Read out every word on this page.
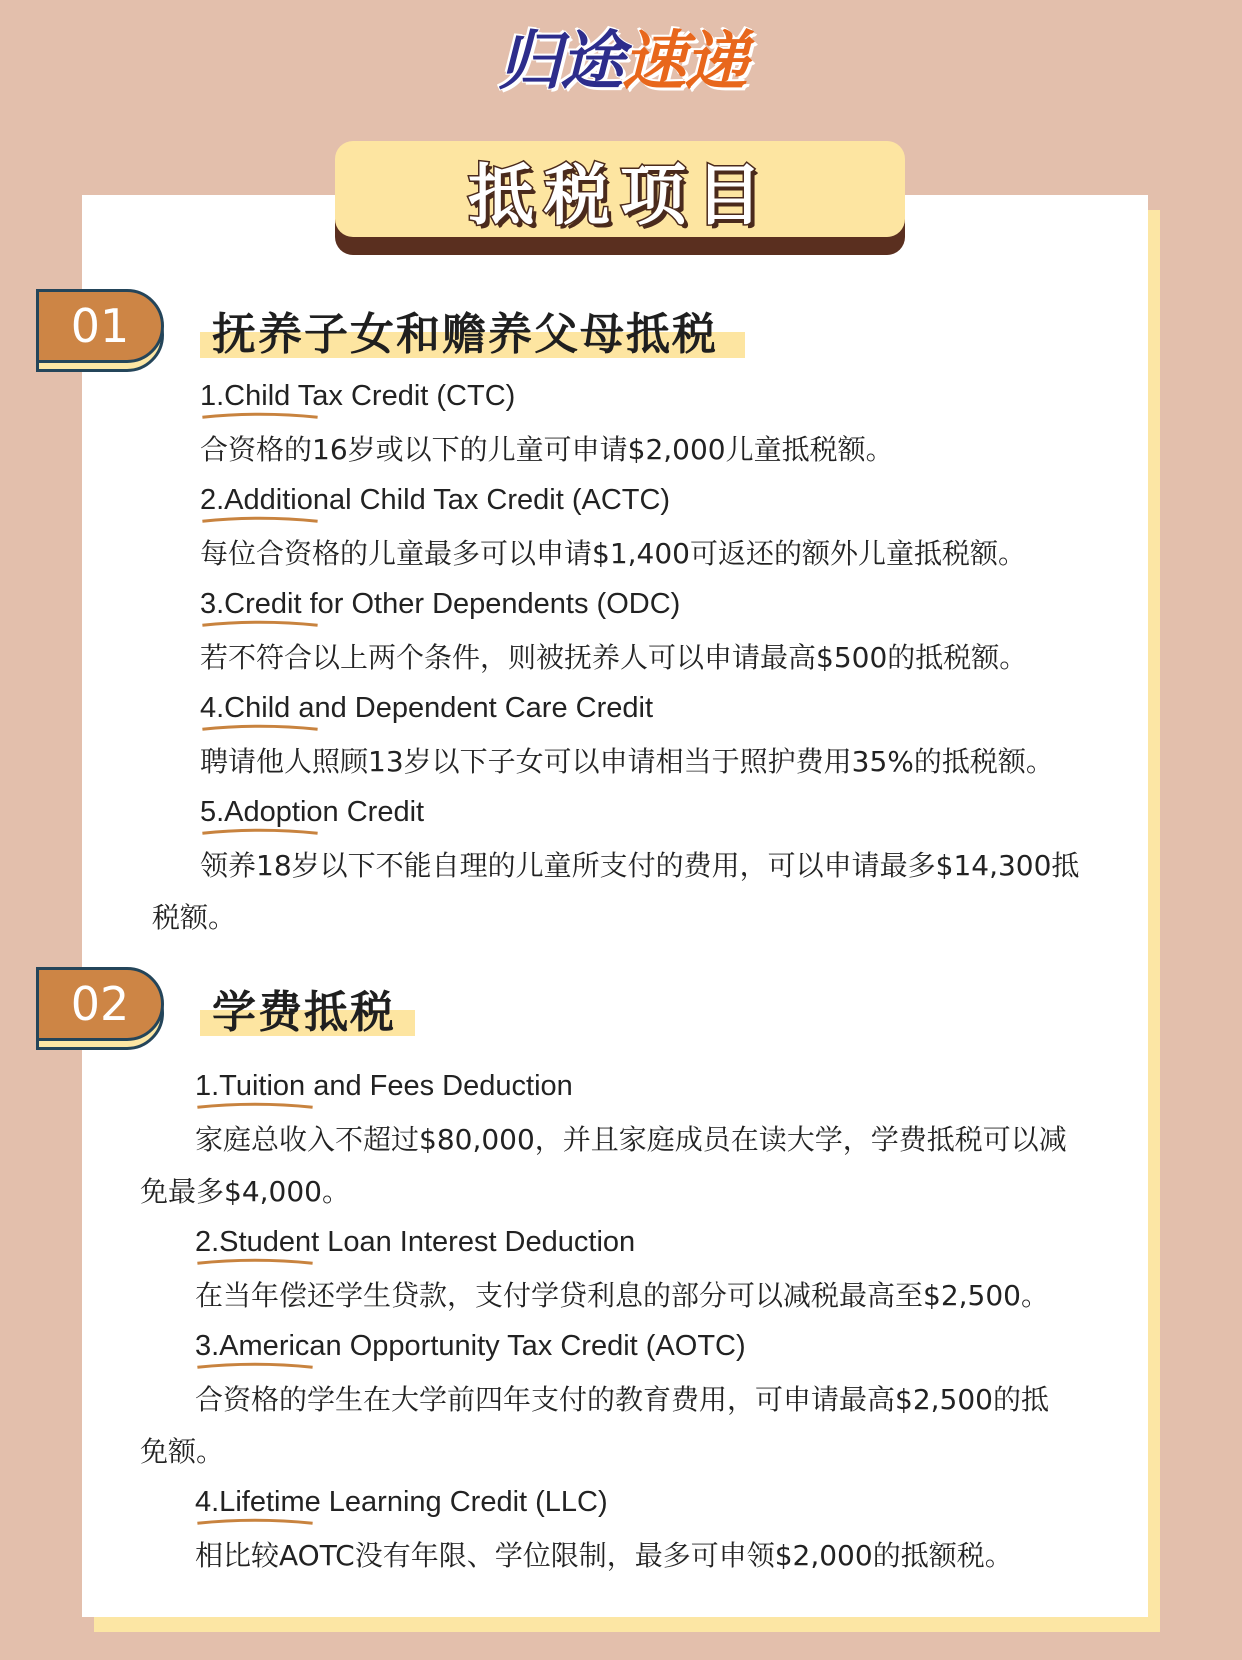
归途速递
抵税项目
01 抚养子女和赡养父母抵税
1.Child Tax Credit (CTC)
合资格的16岁或以下的儿童可申请$2,000儿童抵税额。
2.Additional Child Tax Credit (ACTC)
每位合资格的儿童最多可以申请$1,400可返还的额外儿童抵税额。
3.Credit for Other Dependents (ODC)
若不符合以上两个条件，则被抚养人可以申请最高$500的抵税额。
4.Child and Dependent Care Credit
聘请他人照顾13岁以下子女可以申请相当于照护费用35%的抵税额。
5.Adoption Credit
领养18岁以下不能自理的儿童所支付的费用，可以申请最多$14,300抵
税额。
02 学费抵税
1.Tuition and Fees Deduction
家庭总收入不超过$80,000，并且家庭成员在读大学，学费抵税可以减
免最多$4,000。
2.Student Loan Interest Deduction
在当年偿还学生贷款，支付学贷利息的部分可以减税最高至$2,500。
3.American Opportunity Tax Credit (AOTC)
合资格的学生在大学前四年支付的教育费用，可申请最高$2,500的抵
免额。
4.Lifetime Learning Credit (LLC)
相比较AOTC没有年限、学位限制，最多可申领$2,000的抵额税。
